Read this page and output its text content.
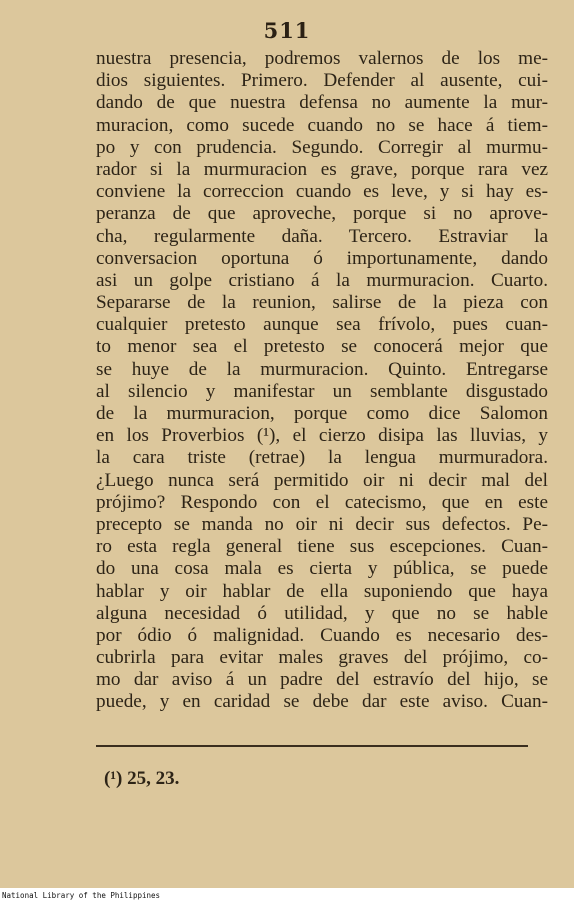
511
nuestra presencia, podremos valernos de los me-
dios siguientes. Primero. Defender al ausente, cui-
dando de que nuestra defensa no aumente la mur-
muracion, como sucede cuando no se hace á tiem-
po y con prudencia. Segundo. Corregir al murmu-
rador si la murmuracion es grave, porque rara vez
conviene la correccion cuando es leve, y si hay es-
peranza de que aproveche, porque si no aprove-
cha, regularmente daña. Tercero. Estraviar la
conversacion oportuna ó importunamente, dando
asi un golpe cristiano á la murmuracion. Cuarto.
Separarse de la reunion, salirse de la pieza con
cualquier pretesto aunque sea frívolo, pues cuan-
to menor sea el pretesto se conocerá mejor que
se huye de la murmuracion. Quinto. Entregarse
al silencio y manifestar un semblante disgustado
de la murmuracion, porque como dice Salomon
en los Proverbios (¹), el cierzo disipa las lluvias, y
la cara triste (retrae) la lengua murmuradora.
¿Luego nunca será permitido oir ni decir mal del
prójimo? Respondo con el catecismo, que en este
precepto se manda no oir ni decir sus defectos. Pe-
ro esta regla general tiene sus escepciones. Cuan-
do una cosa mala es cierta y pública, se puede
hablar y oir hablar de ella suponiendo que haya
alguna necesidad ó utilidad, y que no se hable
por ódio ó malignidad. Cuando es necesario des-
cubrirla para evitar males graves del prójimo, co-
mo dar aviso á un padre del estravío del hijo, se
puede, y en caridad se debe dar este aviso. Cuan-
(¹) 25, 23.
National Library of the Philippines
